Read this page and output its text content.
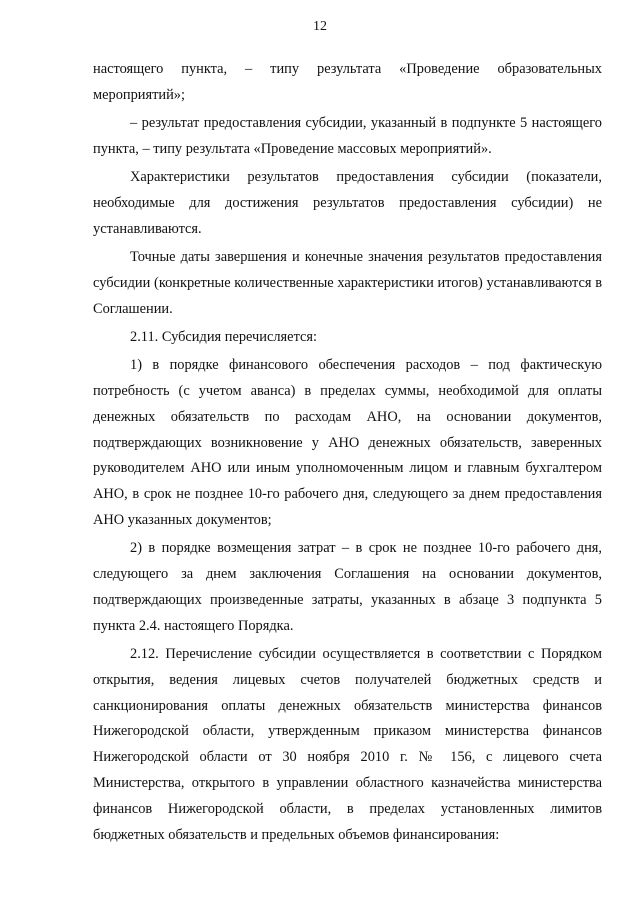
12

настоящего пункта, – типу результата «Проведение образовательных мероприятий»;

– результат предоставления субсидии, указанный в подпункте 5 настоящего пункта, – типу результата «Проведение массовых мероприятий».

Характеристики результатов предоставления субсидии (показатели, необходимые для достижения результатов предоставления субсидии) не устанавливаются.

Точные даты завершения и конечные значения результатов предоставления субсидии (конкретные количественные характеристики итогов) устанавливаются в Соглашении.

2.11. Субсидия перечисляется:

1) в порядке финансового обеспечения расходов – под фактическую потребность (с учетом аванса) в пределах суммы, необходимой для оплаты денежных обязательств по расходам АНО, на основании документов, подтверждающих возникновение у АНО денежных обязательств, заверенных руководителем АНО или иным уполномоченным лицом и главным бухгалтером АНО, в срок не позднее 10-го рабочего дня, следующего за днем предоставления АНО указанных документов;

2) в порядке возмещения затрат – в срок не позднее 10-го рабочего дня, следующего за днем заключения Соглашения на основании документов, подтверждающих произведенные затраты, указанных в абзаце 3 подпункта 5 пункта 2.4. настоящего Порядка.

2.12. Перечисление субсидии осуществляется в соответствии с Порядком открытия, ведения лицевых счетов получателей бюджетных средств и санкционирования оплаты денежных обязательств министерства финансов Нижегородской области, утвержденным приказом министерства финансов Нижегородской области от 30 ноября 2010 г. № 156, с лицевого счета Министерства, открытого в управлении областного казначейства министерства финансов Нижегородской области, в пределах установленных лимитов бюджетных обязательств и предельных объемов финансирования:
